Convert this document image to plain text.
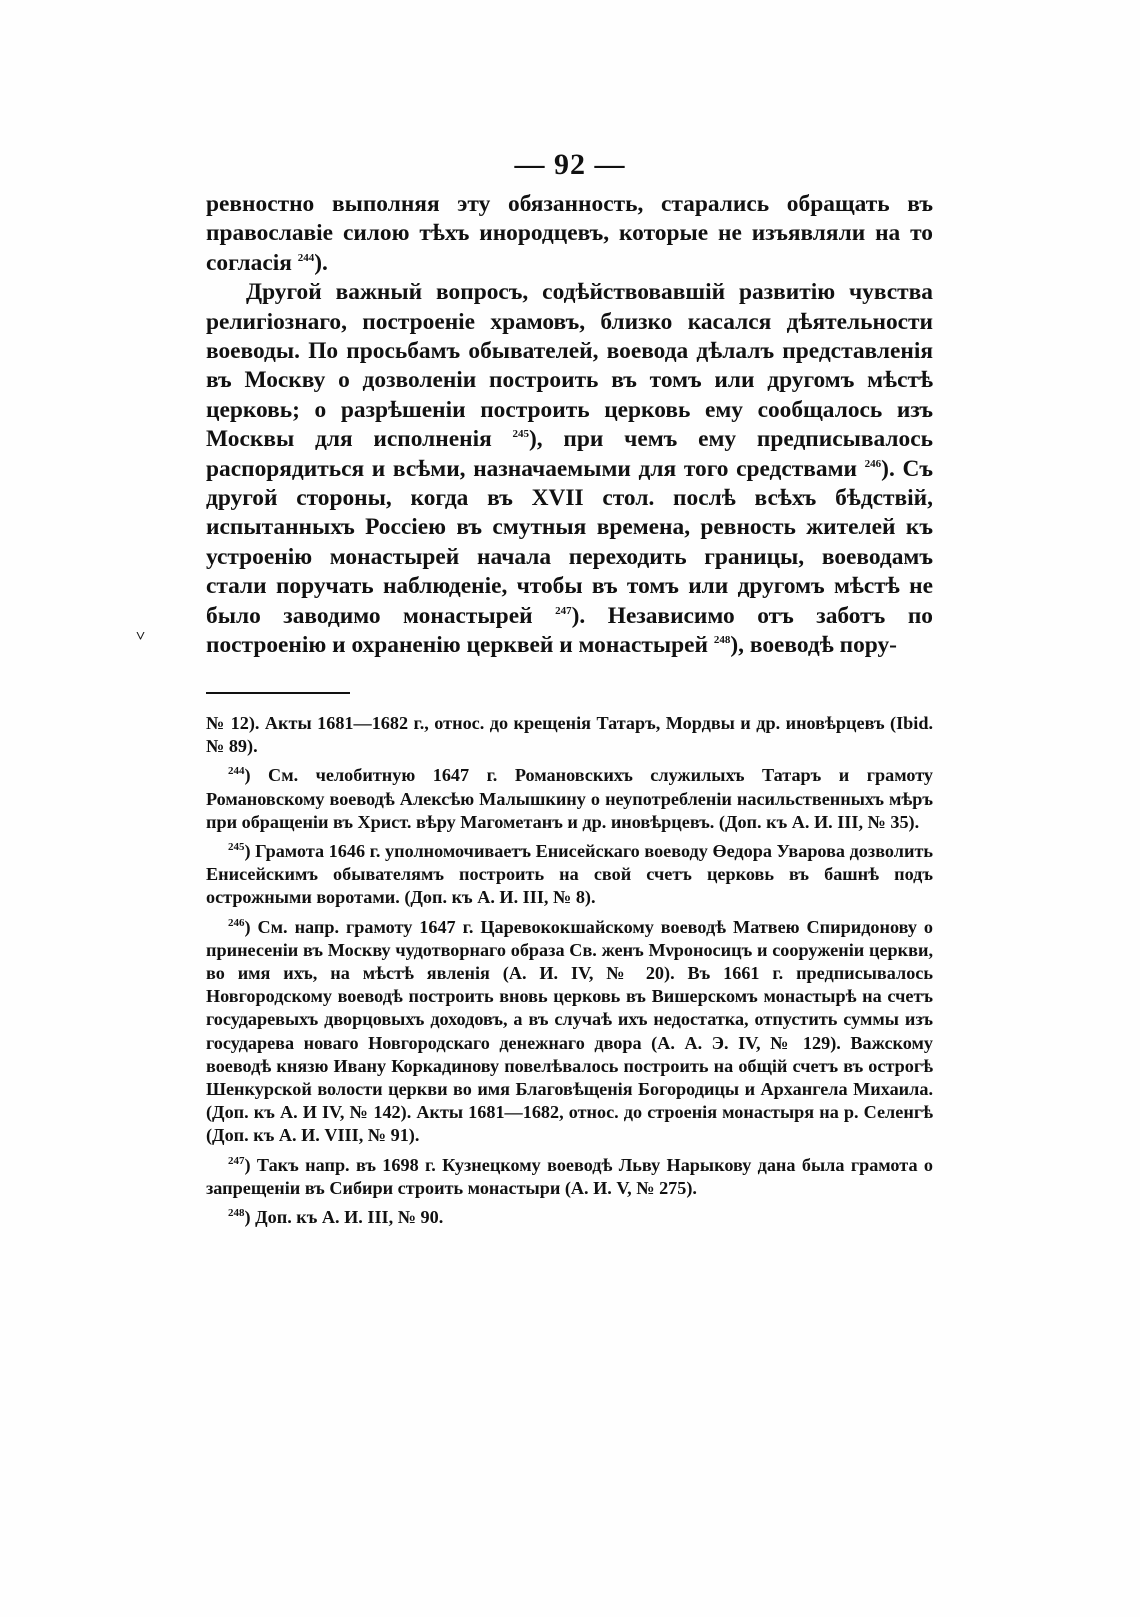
— 92 —

ревностно выполняя эту обязанность, старались обращать въ православіе силою тѣхъ инородцевъ, которые не изъявляли на то согласія $^{244}$).

Другой важный вопросъ, содѣйствовавшій развитію чувства религіознаго, построеніе храмовъ, близко касался дѣятельности воеводы. По просьбамъ обывателей, воевода дѣлалъ представленія въ Москву о дозволеніи построить въ томъ или другомъ мѣстѣ церковь; о разрѣшеніи построить церковь ему сообщалось изъ Москвы для исполненія $^{245}$), при чемъ ему предписывалось распорядиться и всѣми, назначаемыми для того средствами $^{246}$). Съ другой стороны, когда въ XVII стол. послѣ всѣхъ бѣдствій, испытанныхъ Россіею въ смутныя времена, ревность жителей къ устроенію монастырей начала переходить границы, воеводамъ стали поручать наблюденіе, чтобы въ томъ или другомъ мѣстѣ не было заводимо монастырей $^{247}$). Независимо отъ заботъ по построенію и охраненію церквей и монастырей $^{248}$), воеводѣ пору-

˅

№ 12). Акты 1681—1682 г., относ. до крещенія Татаръ, Мордвы и др. иновѣрцевъ (Ibid. № 89).

$^{244}$) См. челобитную 1647 г. Романовскихъ служилыхъ Татаръ и грамоту Романовскому воеводѣ Алексѣю Малышкину о неупотребленіи насильственныхъ мѣръ при обращеніи въ Христ. вѣру Магометанъ и др. иновѣрцевъ. (Доп. къ А. И. III, № 35).

$^{245}$) Грамота 1646 г. уполномочиваетъ Енисейскаго воеводу Өедора Уварова дозволить Енисейскимъ обывателямъ построить на свой счетъ церковь въ башнѣ подъ острожными воротами. (Доп. къ А. И. III, № 8).

$^{246}$) См. напр. грамоту 1647 г. Царевококшайскому воеводѣ Матвею Спиридонову о принесеніи въ Москву чудотворнаго образа Св. женъ Мνроносицъ и сооруженіи церкви, во имя ихъ, на мѣстѣ явленія (А. И. IV, № 20). Въ 1661 г. предписывалось Новгородскому воеводѣ построить вновь церковь въ Вишерскомъ монастырѣ на счетъ государевыхъ дворцовыхъ доходовъ, а въ случаѣ ихъ недостатка, отпустить суммы изъ государева новаго Новгородскаго денежнаго двора (А. А. Э. IV, № 129). Важскому воеводѣ князю Ивану Коркадинову повелѣвалось построить на общій счетъ въ острогѣ Шенкурской волости церкви во имя Благовѣщенія Богородицы и Архангела Михаила. (Доп. къ А. И IV, № 142). Акты 1681—1682, относ. до строенія монастыря на р. Селенгѣ (Доп. къ А. И. VIII, № 91).

$^{247}$) Такъ напр. въ 1698 г. Кузнецкому воеводѣ Льву Нарыкову дана была грамота о запрещеніи въ Сибири строить монастыри (А. И. V, № 275).

$^{248}$) Доп. къ А. И. III, № 90.
